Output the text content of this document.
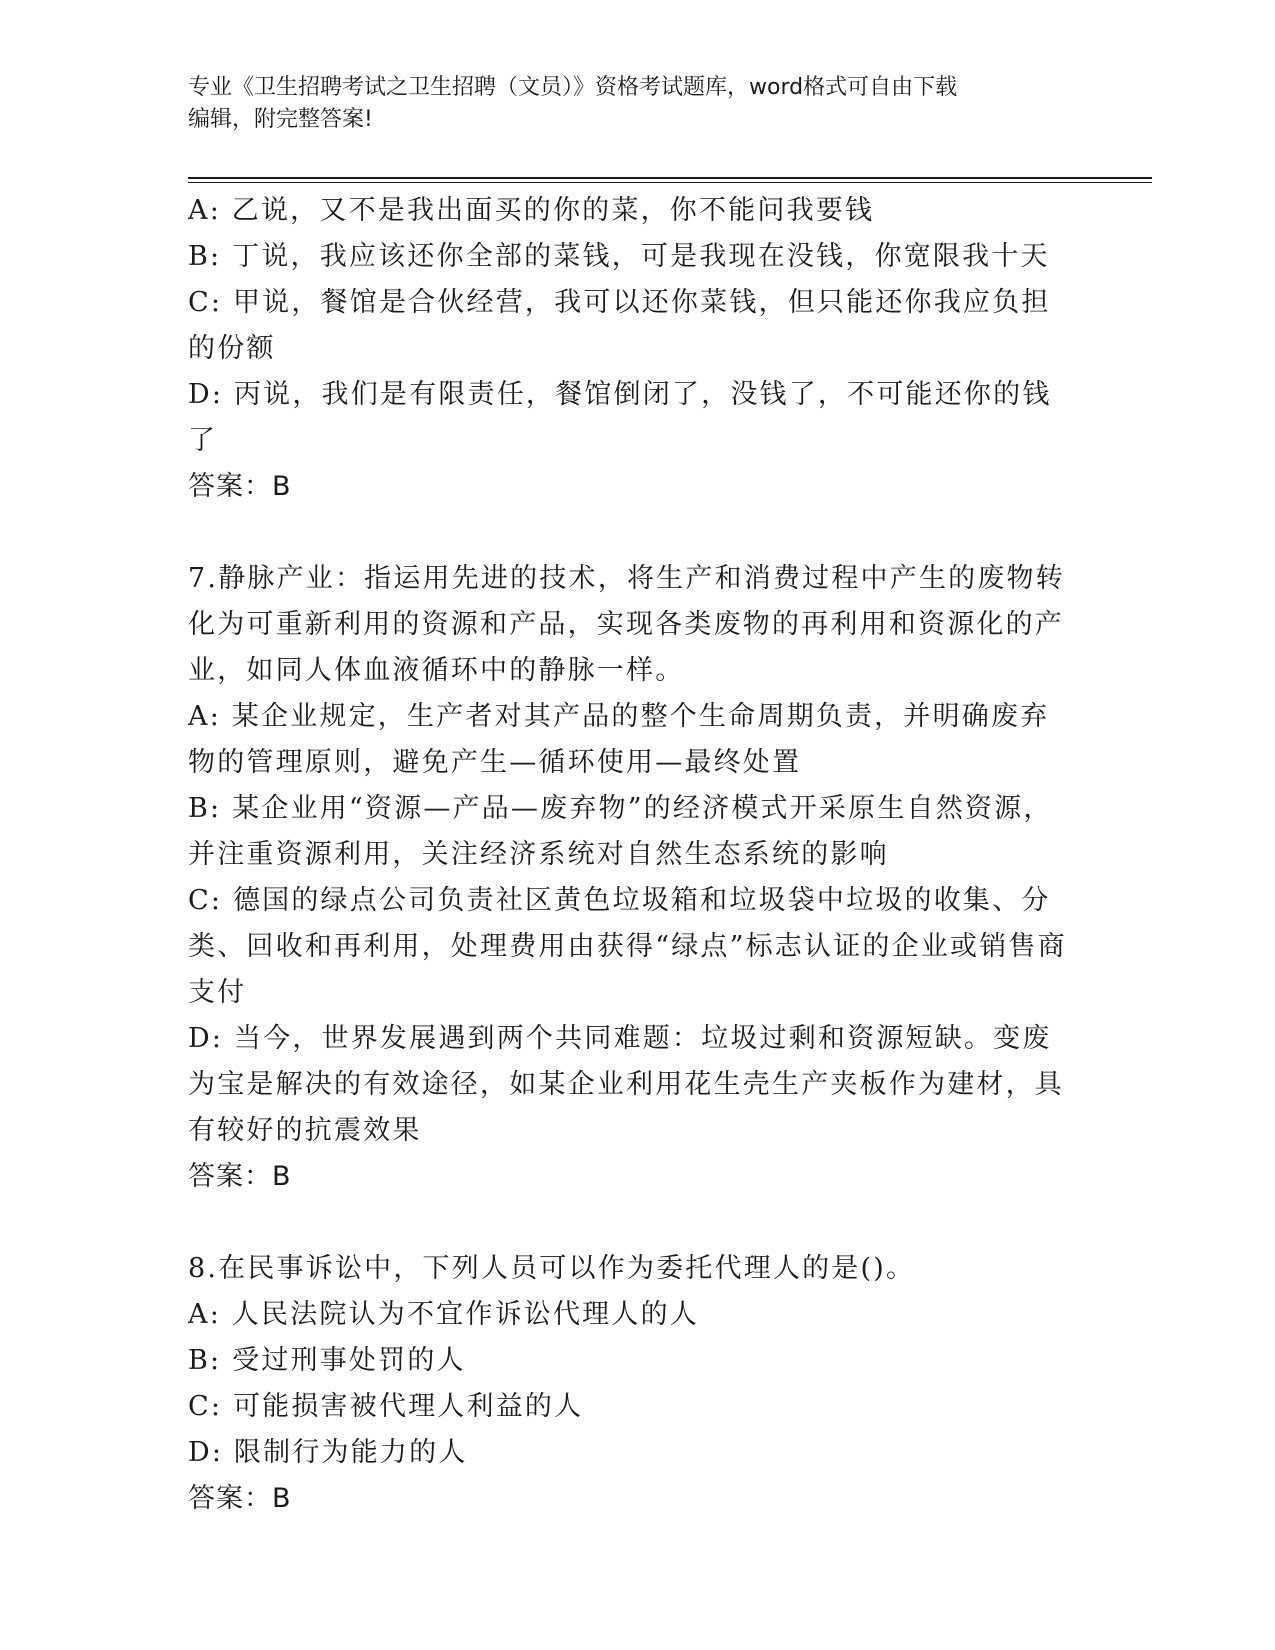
专业《卫生招聘考试之卫生招聘（文员）》资格考试题库，word格式可自由下载
编辑，附完整答案!

A: 乙说，又不是我出面买的你的菜，你不能问我要钱

B: 丁说，我应该还你全部的菜钱，可是我现在没钱，你宽限我十天

C: 甲说，餐馆是合伙经营，我可以还你菜钱，但只能还你我应负担的份额

D: 丙说，我们是有限责任，餐馆倒闭了，没钱了，不可能还你的钱了

答案：B

7.静脉产业：指运用先进的技术，将生产和消费过程中产生的废物转化为可重新利用的资源和产品，实现各类废物的再利用和资源化的产业，如同人体血液循环中的静脉一样。

A: 某企业规定，生产者对其产品的整个生命周期负责，并明确废弃物的管理原则，避免产生—循环使用—最终处置

B: 某企业用“资源—产品—废弃物”的经济模式开采原生自然资源，并注重资源利用，关注经济系统对自然生态系统的影响

C: 德国的绿点公司负责社区黄色垃圾箱和垃圾袋中垃圾的收集、分类、回收和再利用，处理费用由获得“绿点”标志认证的企业或销售商支付

D: 当今，世界发展遇到两个共同难题：垃圾过剩和资源短缺。变废为宝是解决的有效途径，如某企业利用花生壳生产夹板作为建材，具有较好的抗震效果

答案：B

8.在民事诉讼中，下列人员可以作为委托代理人的是()。

A: 人民法院认为不宜作诉讼代理人的人

B: 受过刑事处罚的人

C: 可能损害被代理人利益的人

D: 限制行为能力的人

答案：B
